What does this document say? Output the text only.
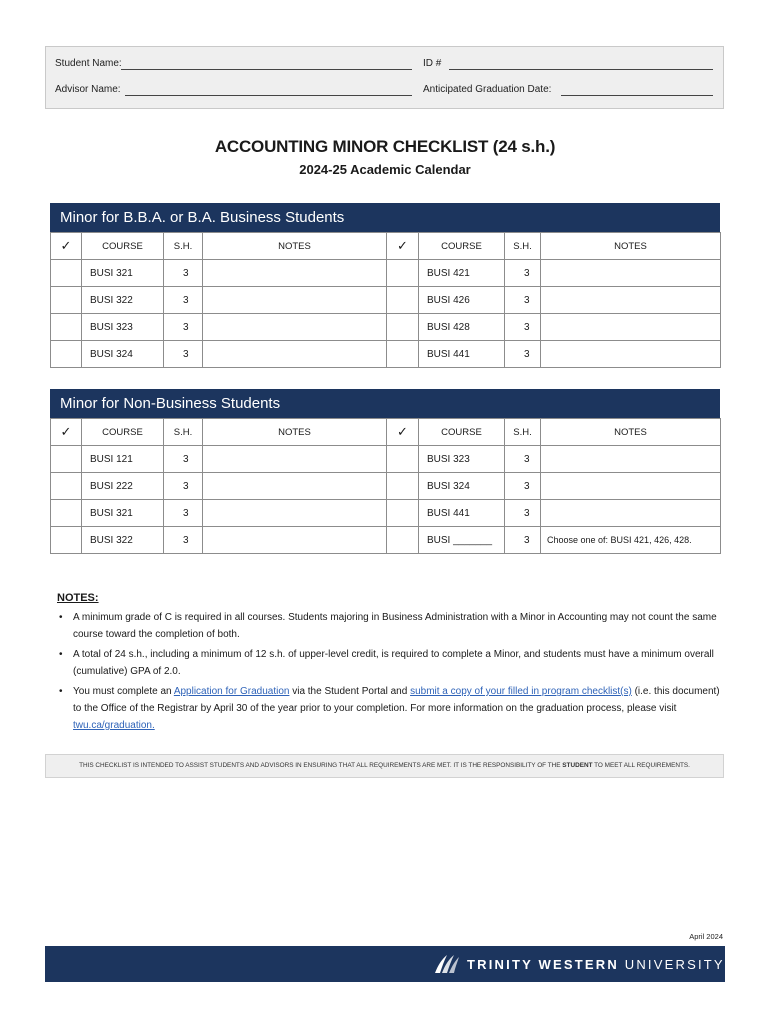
Student Name:	ID #
Advisor Name:	Anticipated Graduation Date:
ACCOUNTING MINOR CHECKLIST (24 s.h.)
2024-25 Academic Calendar
Minor for B.B.A. or B.A. Business Students
✓	COURSE	S.H.	NOTES	✓	COURSE	S.H.	NOTES
	BUSI 321	3			BUSI 421	3	
	BUSI 322	3			BUSI 426	3	
	BUSI 323	3			BUSI 428	3	
	BUSI 324	3			BUSI 441	3	
Minor for Non-Business Students
✓	COURSE	S.H.	NOTES	✓	COURSE	S.H.	NOTES
	BUSI 121	3			BUSI 323	3	
	BUSI 222	3			BUSI 324	3	
	BUSI 321	3			BUSI 441	3	
	BUSI 322	3			BUSI _______	3	Choose one of: BUSI 421, 426, 428.
NOTES:
• A minimum grade of C is required in all courses. Students majoring in Business Administration with a Minor in Accounting may not count the same course toward the completion of both.
• A total of 24 s.h., including a minimum of 12 s.h. of upper-level credit, is required to complete a Minor, and students must have a minimum overall (cumulative) GPA of 2.0.
• You must complete an Application for Graduation via the Student Portal and submit a copy of your filled in program checklist(s) (i.e. this document) to the Office of the Registrar by April 30 of the year prior to your completion. For more information on the graduation process, please visit twu.ca/graduation.
THIS CHECKLIST IS INTENDED TO ASSIST STUDENTS AND ADVISORS IN ENSURING THAT ALL REQUIREMENTS ARE MET. IT IS THE RESPONSIBILITY OF THE STUDENT TO MEET ALL REQUIREMENTS.
April 2024
TRINITY WESTERN UNIVERSITY
